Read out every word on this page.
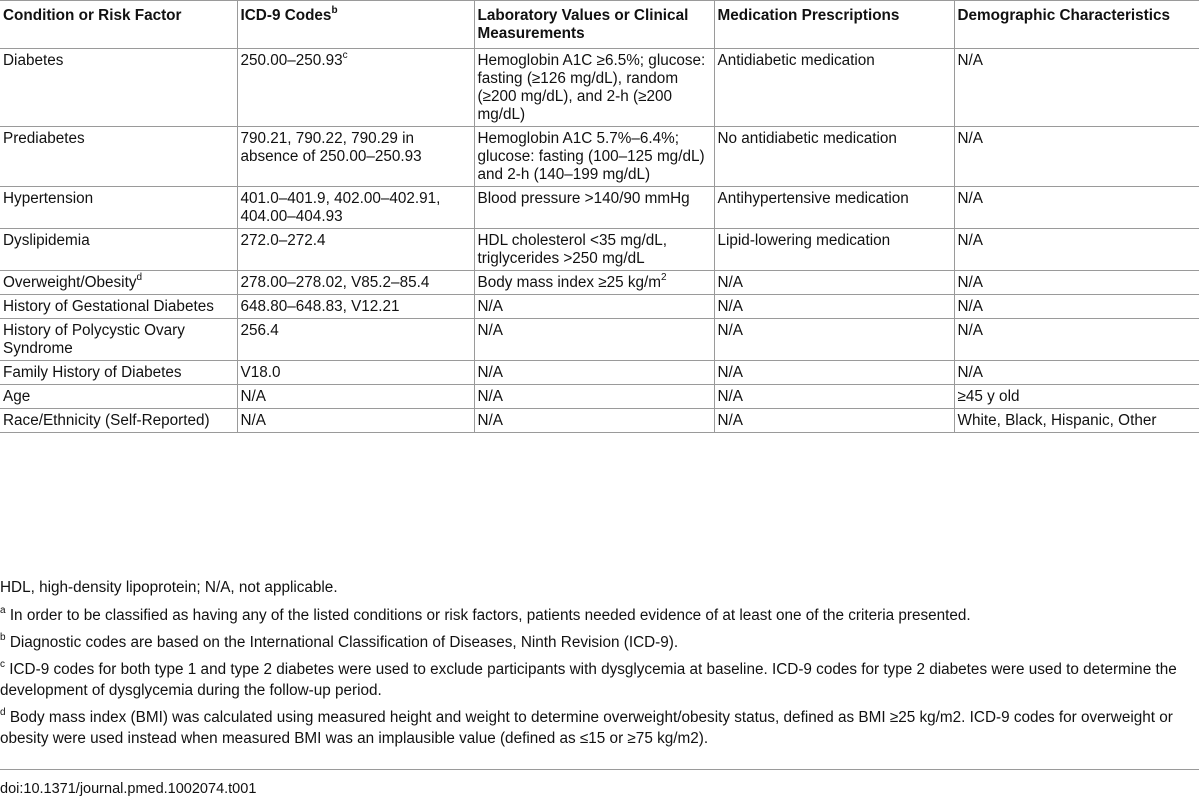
Condition or Risk Factor	ICD-9 Codes$^b$	Laboratory Values or Clinical Measurements	Medication Prescriptions	Demographic Characteristics
Diabetes	250.00–250.93$^c$	Hemoglobin A1C ≥6.5%; glucose: fasting (≥126 mg/dL), random (≥200 mg/dL), and 2-h (≥200 mg/dL)	Antidiabetic medication	N/A
Prediabetes	790.21, 790.22, 790.29 in absence of 250.00–250.93	Hemoglobin A1C 5.7%–6.4%; glucose: fasting (100–125 mg/dL) and 2-h (140–199 mg/dL)	No antidiabetic medication	N/A
Hypertension	401.0–401.9, 402.00–402.91, 404.00–404.93	Blood pressure >140/90 mmHg	Antihypertensive medication	N/A
Dyslipidemia	272.0–272.4	HDL cholesterol <35 mg/dL, triglycerides >250 mg/dL	Lipid-lowering medication	N/A
Overweight/Obesity$^d$	278.00–278.02, V85.2–85.4	Body mass index ≥25 $kg/m^2$	N/A	N/A
History of Gestational Diabetes	648.80–648.83, V12.21	N/A	N/A	N/A
History of Polycystic Ovary Syndrome	256.4	N/A	N/A	N/A
Family History of Diabetes	V18.0	N/A	N/A	N/A
Age	N/A	N/A	N/A	≥45 y old
Race/Ethnicity (Self-Reported)	N/A	N/A	N/A	White, Black, Hispanic, Other

HDL, high-density lipoprotein; N/A, not applicable.

$^a$ In order to be classified as having any of the listed conditions or risk factors, patients needed evidence of at least one of the criteria presented.

$^b$ Diagnostic codes are based on the International Classification of Diseases, Ninth Revision (ICD-9).

$^c$ ICD-9 codes for both type 1 and type 2 diabetes were used to exclude participants with dysglycemia at baseline. ICD-9 codes for type 2 diabetes were used to determine the development of dysglycemia during the follow-up period.

$^d$ Body mass index (BMI) was calculated using measured height and weight to determine overweight/obesity status, defined as BMI ≥25 kg/m2. ICD-9 codes for overweight or obesity were used instead when measured BMI was an implausible value (defined as ≤15 or ≥75 kg/m2).

doi:10.1371/journal.pmed.1002074.t001
